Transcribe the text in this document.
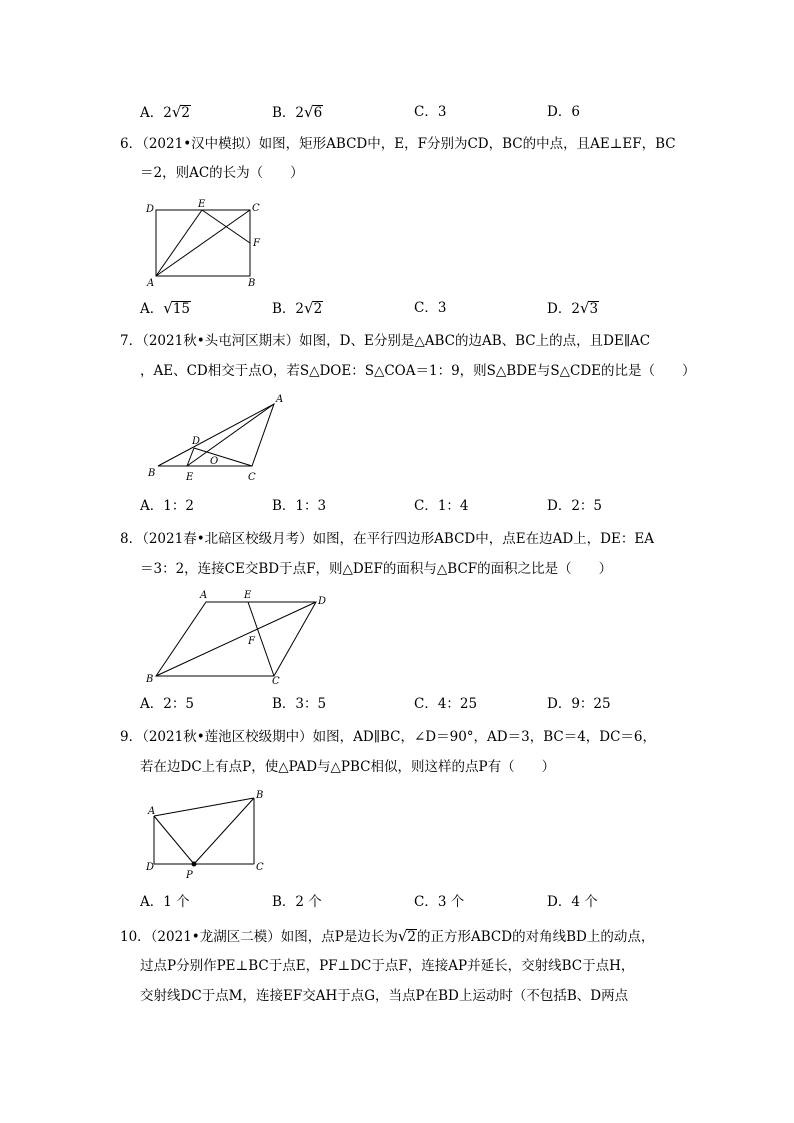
A．2√2	B．2√6	C．3	D．6
6．（2021•汉中模拟）如图，矩形ABCD中，E，F分别为CD，BC的中点，且AE⊥EF，BC
＝2，则AC的长为（　　）
D	E	C
F
A	B
A．√15	B．2√2	C．3	D．2√3
7．（2021秋•头屯河区期末）如图，D、E分别是△ABC的边AB、BC上的点，且DE∥AC
，AE、CD相交于点O，若S△DOE：S△COA＝1：9，则S△BDE与S△CDE的比是（　　）
A
B	C
D
E
O
A．1：2	B．1：3	C．1：4	D．2：5
8．（2021春•北碚区校级月考）如图，在平行四边形ABCD中，点E在边AD上，DE：EA
＝3：2，连接CE交BD于点F，则△DEF的面积与△BCF的面积之比是（　　）
A	E
D
F
B	C
A．2：5	B．3：5	C．4：25	D．9：25
9．（2021秋•莲池区校级期中）如图，AD∥BC，∠D＝90°，AD＝3，BC＝4，DC＝6，
若在边DC上有点P，使△PAD与△PBC相似，则这样的点P有（　　）
A
B
C
D
P
A．1 个	B．2 个	C．3 个	D．4 个
10．（2021•龙湖区二模）如图，点P是边长为√2的正方形ABCD的对角线BD上的动点，
过点P分别作PE⊥BC于点E，PF⊥DC于点F，连接AP并延长，交射线BC于点H，
交射线DC于点M，连接EF交AH于点G，当点P在BD上运动时（不包括B、D两点
